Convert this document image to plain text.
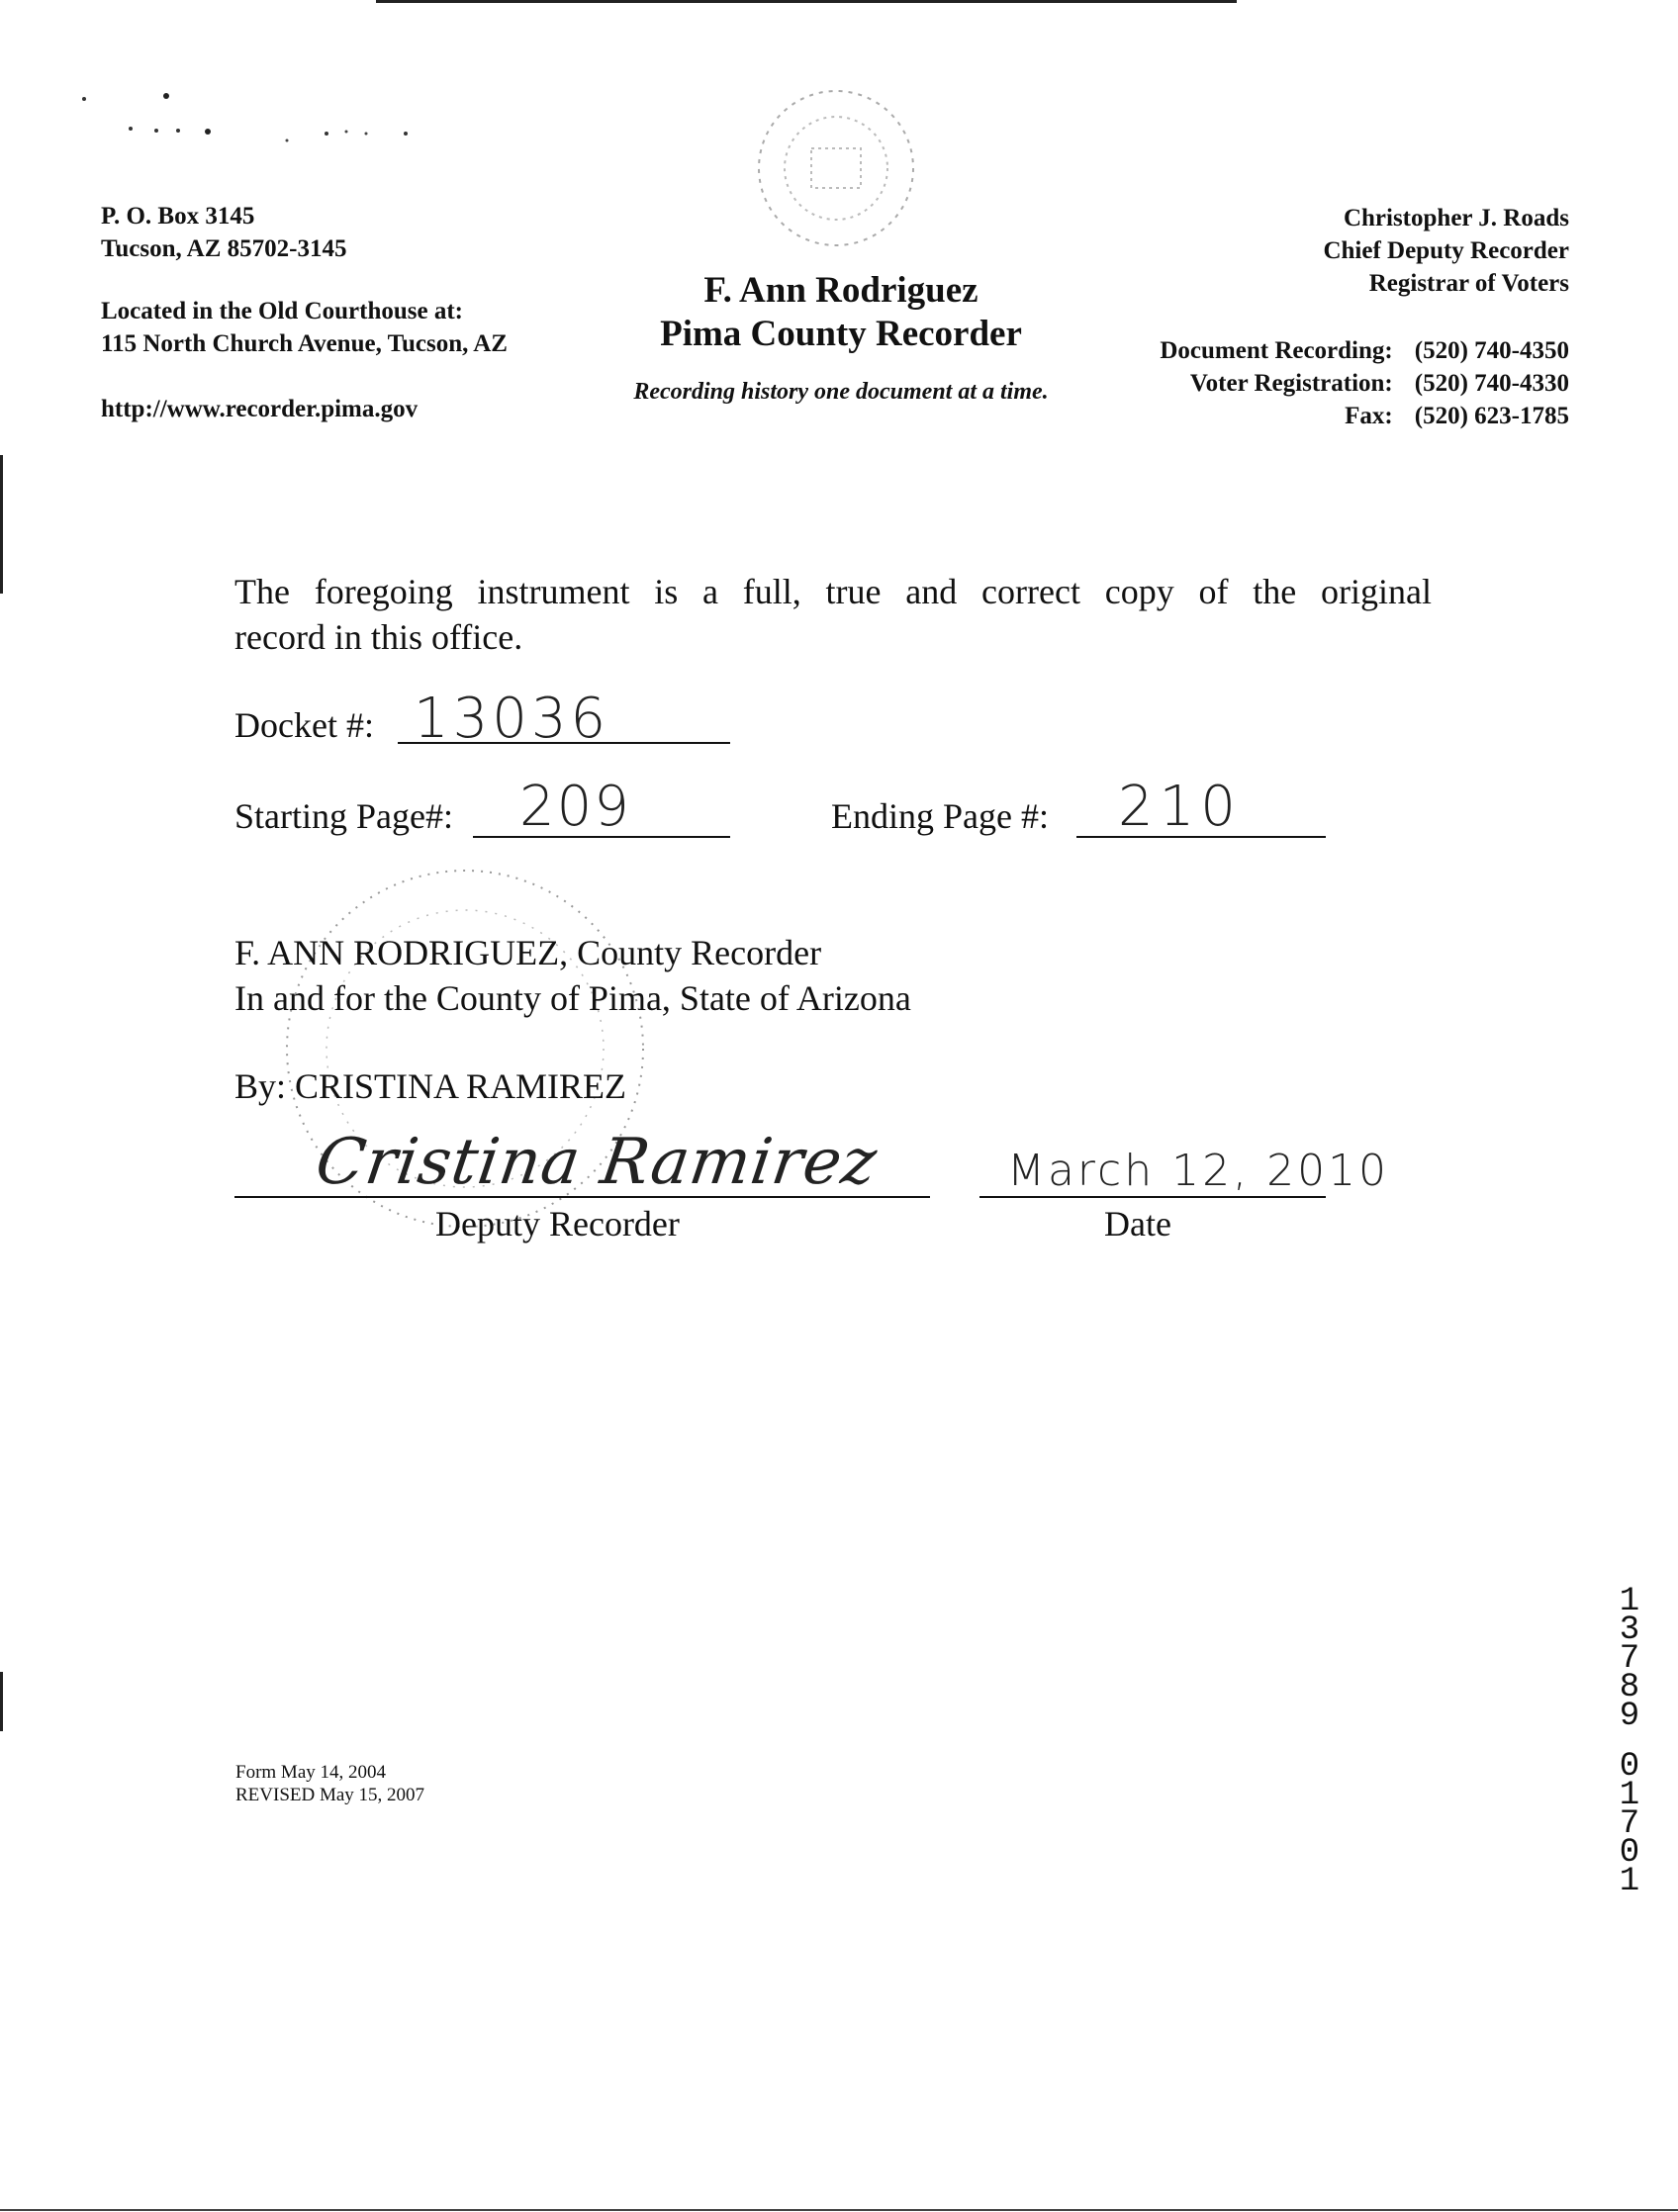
P. O. Box 3145
Tucson, AZ 85702-3145
Located in the Old Courthouse at:
115 North Church Avenue, Tucson, AZ
http://www.recorder.pima.gov
F. Ann Rodriguez
Pima County Recorder
Recording history one document at a time.
Christopher J. Roads
Chief Deputy Recorder
Registrar of Voters
Document Recording: (520) 740-4350
Voter Registration: (520) 740-4330
Fax: (520) 623-1785
The foregoing instrument is a full, true and correct copy of the original
record in this office.
Docket #: 13036
Starting Page#: 209	Ending Page #: 210
F. ANN RODRIGUEZ, County Recorder
In and for the County of Pima, State of Arizona
By: CRISTINA RAMIREZ
Cristina Ramirez
Deputy Recorder
March 12, 2010
Date
Form May 14, 2004
REVISED May 15, 2007
1
3
7
8
9
0
1
7
0
1
